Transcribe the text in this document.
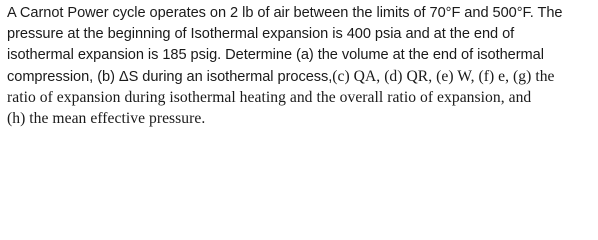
A Carnot Power cycle operates on 2 lb of air between the limits of 70°F and 500°F. The
pressure at the beginning of Isothermal expansion is 400 psia and at the end of
isothermal expansion is 185 psig. Determine (a) the volume at the end of isothermal
compression, (b) ΔS during an isothermal process,(c) QA, (d) QR, (e) W, (f) e, (g) the
ratio of expansion during isothermal heating and the overall ratio of expansion, and
(h) the mean effective pressure.
